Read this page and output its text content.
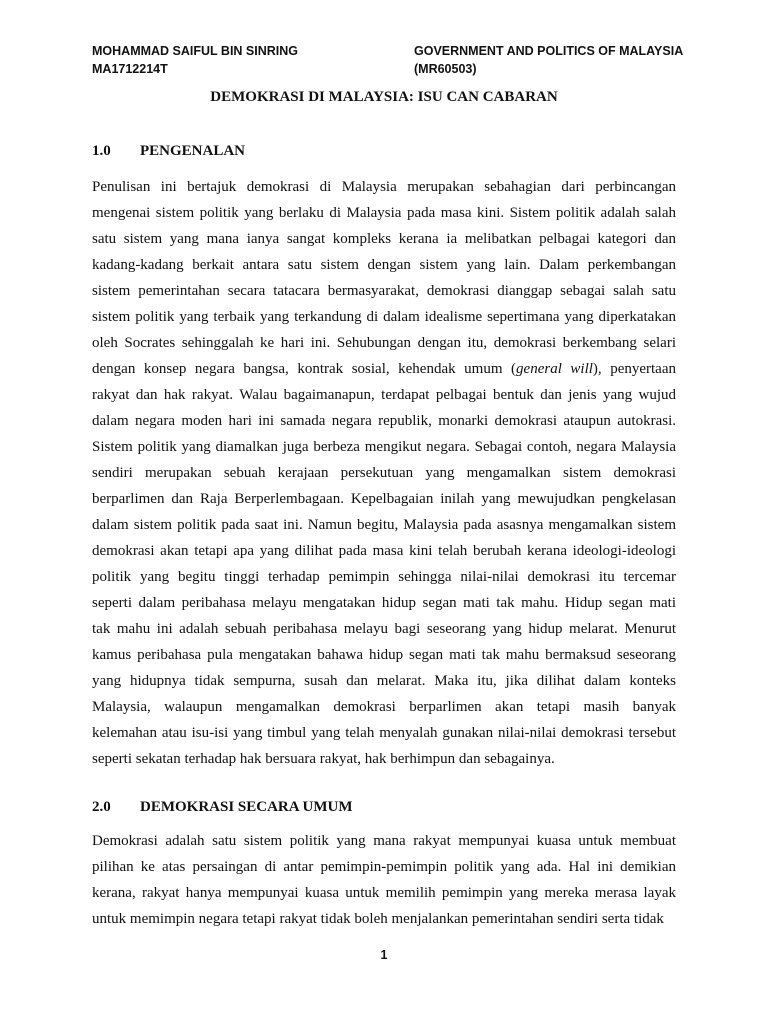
MOHAMMAD SAIFUL BIN SINRING
MA1712214T
GOVERNMENT AND POLITICS OF MALAYSIA
(MR60503)
DEMOKRASI DI MALAYSIA: ISU CAN CABARAN
1.0 PENGENALAN
Penulisan ini bertajuk demokrasi di Malaysia merupakan sebahagian dari perbincangan
mengenai sistem politik yang berlaku di Malaysia pada masa kini. Sistem politik adalah salah
satu sistem yang mana ianya sangat kompleks kerana ia melibatkan pelbagai kategori dan
kadang-kadang berkait antara satu sistem dengan sistem yang lain. Dalam perkembangan
sistem pemerintahan secara tatacara bermasyarakat, demokrasi dianggap sebagai salah satu
sistem politik yang terbaik yang terkandung di dalam idealisme sepertimana yang diperkatakan
oleh Socrates sehinggalah ke hari ini. Sehubungan dengan itu, demokrasi berkembang selari
dengan konsep negara bangsa, kontrak sosial, kehendak umum (general will), penyertaan
rakyat dan hak rakyat. Walau bagaimanapun, terdapat pelbagai bentuk dan jenis yang wujud
dalam negara moden hari ini samada negara republik, monarki demokrasi ataupun autokrasi.
Sistem politik yang diamalkan juga berbeza mengikut negara. Sebagai contoh, negara Malaysia
sendiri merupakan sebuah kerajaan persekutuan yang mengamalkan sistem demokrasi
berparlimen dan Raja Berperlembagaan. Kepelbagaian inilah yang mewujudkan pengkelasan
dalam sistem politik pada saat ini. Namun begitu, Malaysia pada asasnya mengamalkan sistem
demokrasi akan tetapi apa yang dilihat pada masa kini telah berubah kerana ideologi-ideologi
politik yang begitu tinggi terhadap pemimpin sehingga nilai-nilai demokrasi itu tercemar
seperti dalam peribahasa melayu mengatakan hidup segan mati tak mahu. Hidup segan mati
tak mahu ini adalah sebuah peribahasa melayu bagi seseorang yang hidup melarat. Menurut
kamus peribahasa pula mengatakan bahawa hidup segan mati tak mahu bermaksud seseorang
yang hidupnya tidak sempurna, susah dan melarat. Maka itu, jika dilihat dalam konteks
Malaysia, walaupun mengamalkan demokrasi berparlimen akan tetapi masih banyak
kelemahan atau isu-isi yang timbul yang telah menyalah gunakan nilai-nilai demokrasi tersebut
seperti sekatan terhadap hak bersuara rakyat, hak berhimpun dan sebagainya.
2.0 DEMOKRASI SECARA UMUM
Demokrasi adalah satu sistem politik yang mana rakyat mempunyai kuasa untuk membuat
pilihan ke atas persaingan di antar pemimpin-pemimpin politik yang ada. Hal ini demikian
kerana, rakyat hanya mempunyai kuasa untuk memilih pemimpin yang mereka merasa layak
untuk memimpin negara tetapi rakyat tidak boleh menjalankan pemerintahan sendiri serta tidak
1
